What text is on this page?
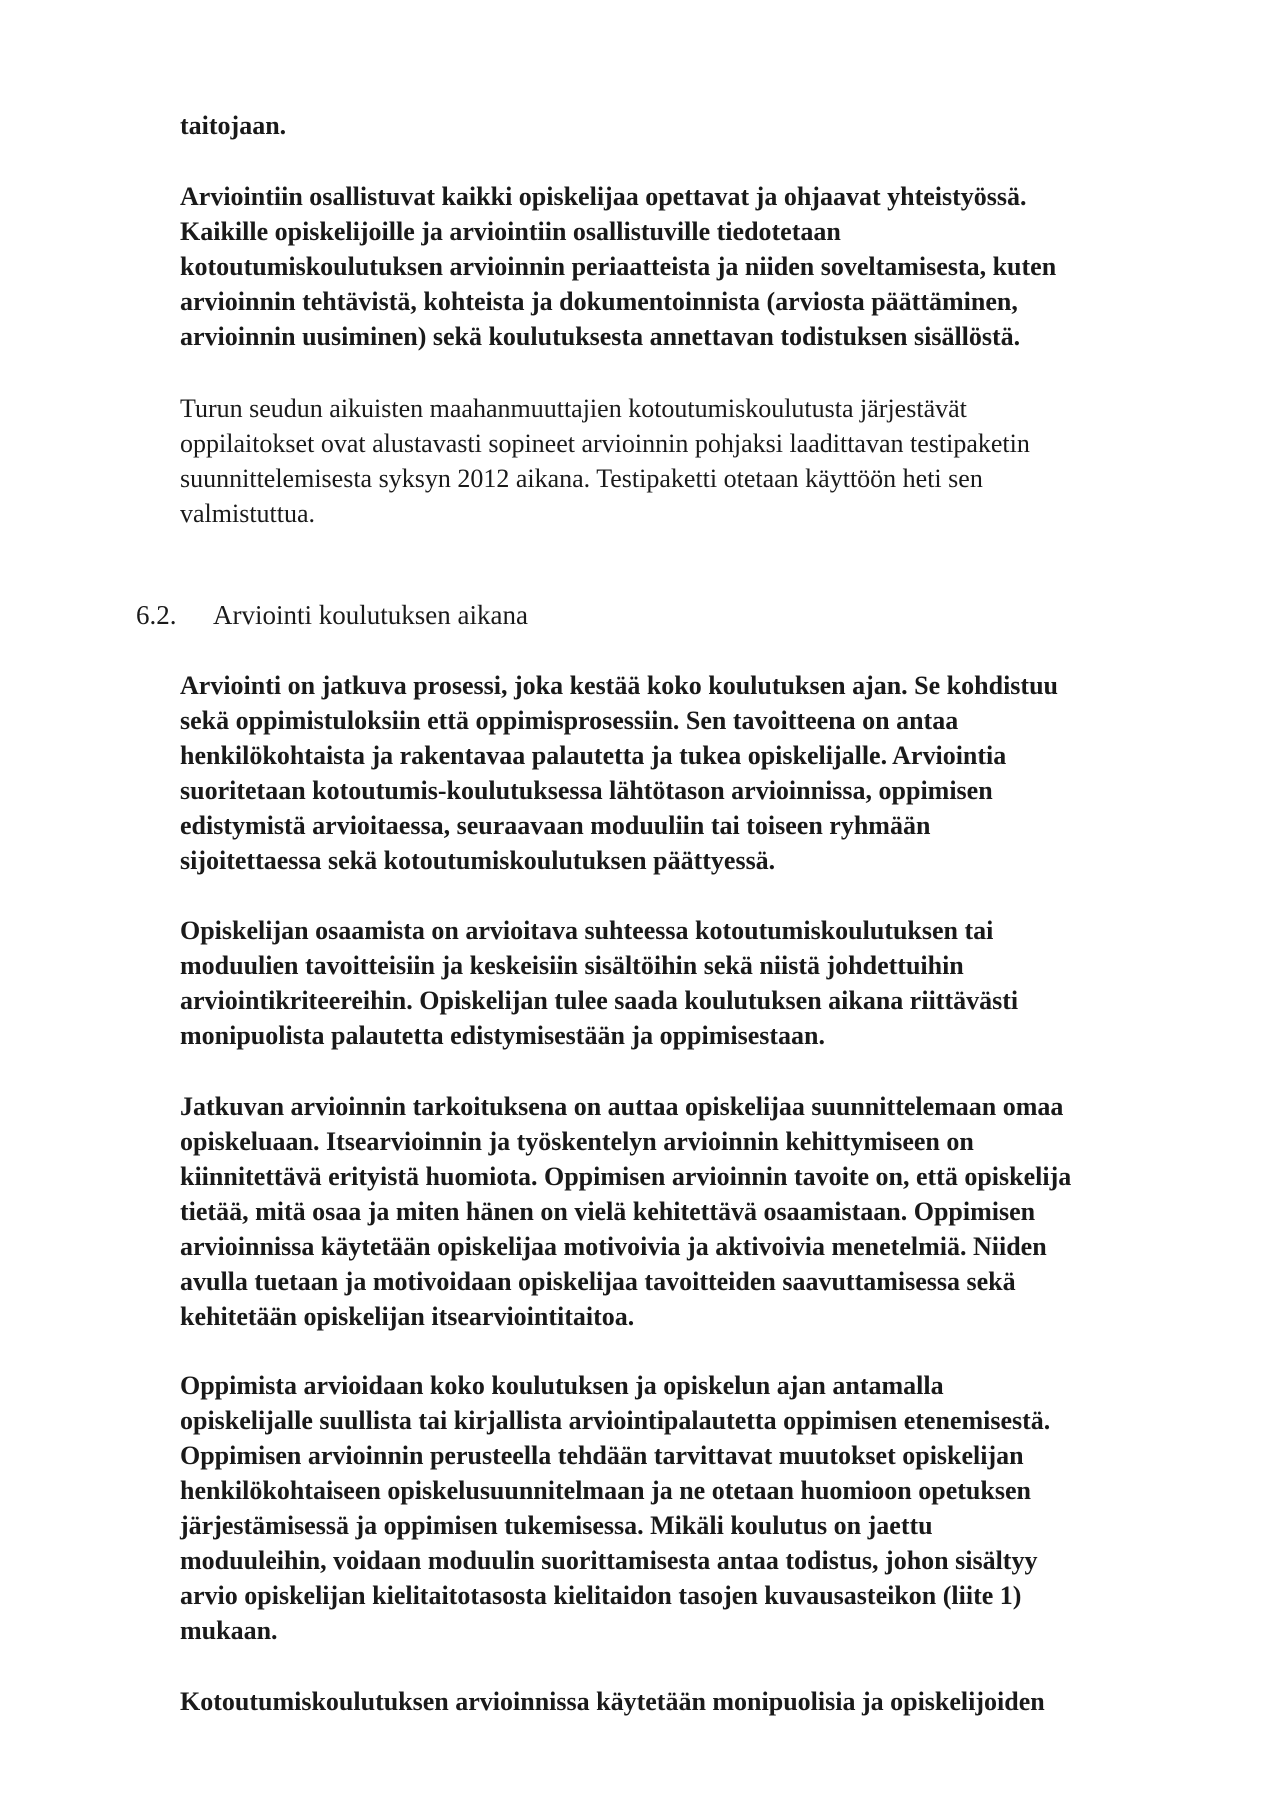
taitojaan.

Arviointiin osallistuvat kaikki opiskelijaa opettavat ja ohjaavat yhteistyössä.
Kaikille opiskelijoille ja arviointiin osallistuville tiedotetaan
kotoutumiskoulutuksen arvioinnin periaatteista ja niiden soveltamisesta, kuten
arvioinnin tehtävistä, kohteista ja dokumentoinnista (arviosta päättäminen,
arvioinnin uusiminen) sekä koulutuksesta annettavan todistuksen sisällöstä.

Turun seudun aikuisten maahanmuuttajien kotoutumiskoulutusta järjestävät
oppilaitokset ovat alustavasti sopineet arvioinnin pohjaksi laadittavan testipaketin
suunnittelemisesta syksyn 2012 aikana. Testipaketti otetaan käyttöön heti sen
valmistuttua.

6.2. Arviointi koulutuksen aikana

Arviointi on jatkuva prosessi, joka kestää koko koulutuksen ajan. Se kohdistuu
sekä oppimistuloksiin että oppimisprosessiin. Sen tavoitteena on antaa
henkilökohtaista ja rakentavaa palautetta ja tukea opiskelijalle. Arviointia
suoritetaan kotoutumis-koulutuksessa lähtötason arvioinnissa, oppimisen
edistymistä arvioitaessa, seuraavaan moduuliin tai toiseen ryhmään
sijoitettaessa sekä kotoutumiskoulutuksen päättyessä.

Opiskelijan osaamista on arvioitava suhteessa kotoutumiskoulutuksen tai
moduulien tavoitteisiin ja keskeisiin sisältöihin sekä niistä johdettuihin
arviointikriteereihin. Opiskelijan tulee saada koulutuksen aikana riittävästi
monipuolista palautetta edistymisestään ja oppimisestaan.

Jatkuvan arvioinnin tarkoituksena on auttaa opiskelijaa suunnittelemaan omaa
opiskeluaan. Itsearvioinnin ja työskentelyn arvioinnin kehittymiseen on
kiinnitettävä erityistä huomiota. Oppimisen arvioinnin tavoite on, että opiskelija
tietää, mitä osaa ja miten hänen on vielä kehitettävä osaamistaan. Oppimisen
arvioinnissa käytetään opiskelijaa motivoivia ja aktivoivia menetelmiä. Niiden
avulla tuetaan ja motivoidaan opiskelijaa tavoitteiden saavuttamisessa sekä
kehitetään opiskelijan itsearviointitaitoa.

Oppimista arvioidaan koko koulutuksen ja opiskelun ajan antamalla
opiskelijalle suullista tai kirjallista arviointipalautetta oppimisen etenemisestä.
Oppimisen arvioinnin perusteella tehdään tarvittavat muutokset opiskelijan
henkilökohtaiseen opiskelusuunnitelmaan ja ne otetaan huomioon opetuksen
järjestämisessä ja oppimisen tukemisessa. Mikäli koulutus on jaettu
moduuleihin, voidaan moduulin suorittamisesta antaa todistus, johon sisältyy
arvio opiskelijan kielitaitotasosta kielitaidon tasojen kuvausasteikon (liite 1)
mukaan.

Kotoutumiskoulutuksen arvioinnissa käytetään monipuolisia ja opiskelijoiden
